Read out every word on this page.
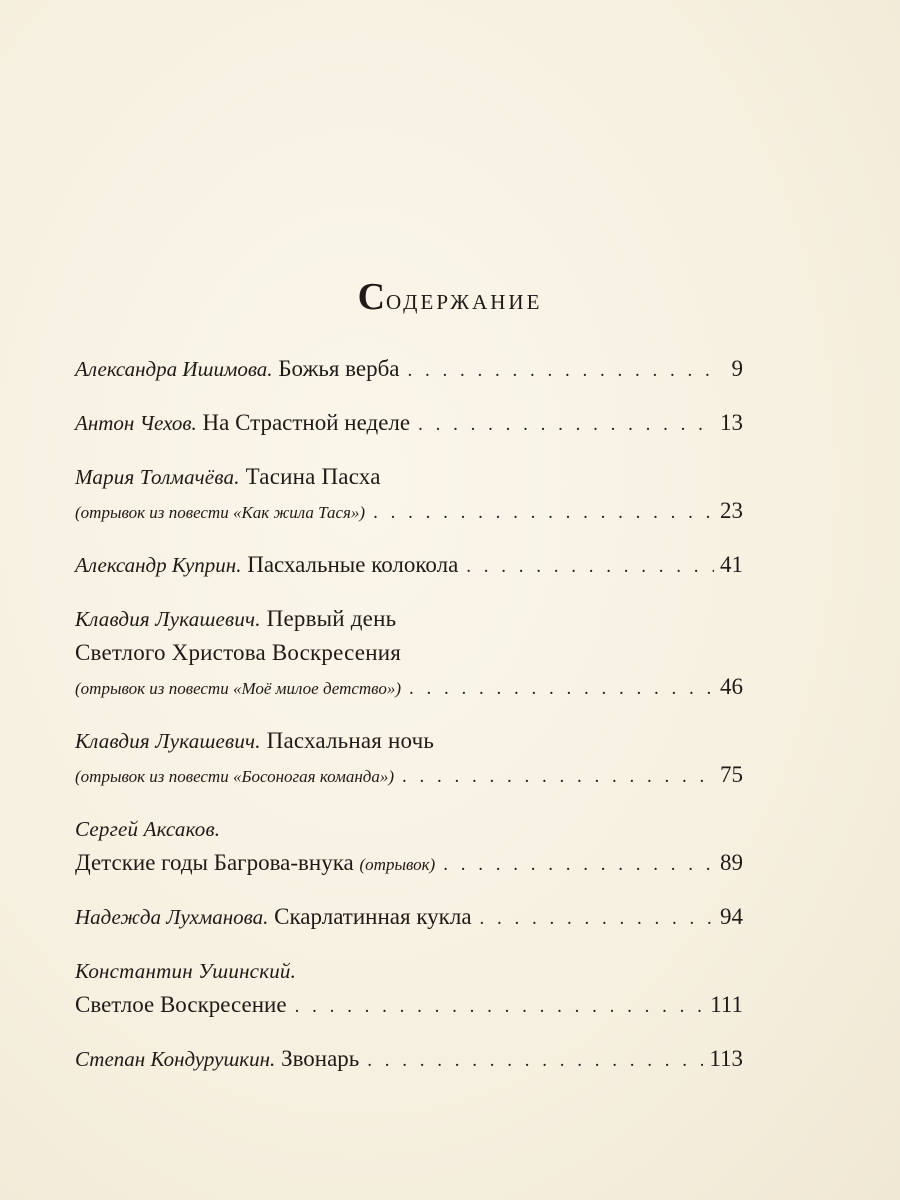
Содержание
Александра Ишимова. Божья верба . . .	9
Антон Чехов. На Страстной неделе . . .	13
Мария Толмачёва. Тасина Пасха
(отрывок из повести «Как жила Тася») . . .	23
Александр Куприн. Пасхальные колокола . . .	41
Клавдия Лукашевич. Первый день
Светлого Христова Воскресения
(отрывок из повести «Моё милое детство») . . .	46
Клавдия Лукашевич. Пасхальная ночь
(отрывок из повести «Босоногая команда») . . .	75
Сергей Аксаков.
Детские годы Багрова-внука (отрывок) . . .	89
Надежда Лухманова. Скарлатинная кукла . . .	94
Константин Ушинский.
Светлое Воскресение . . .	111
Степан Кондурушкин. Звонарь . . .	113
